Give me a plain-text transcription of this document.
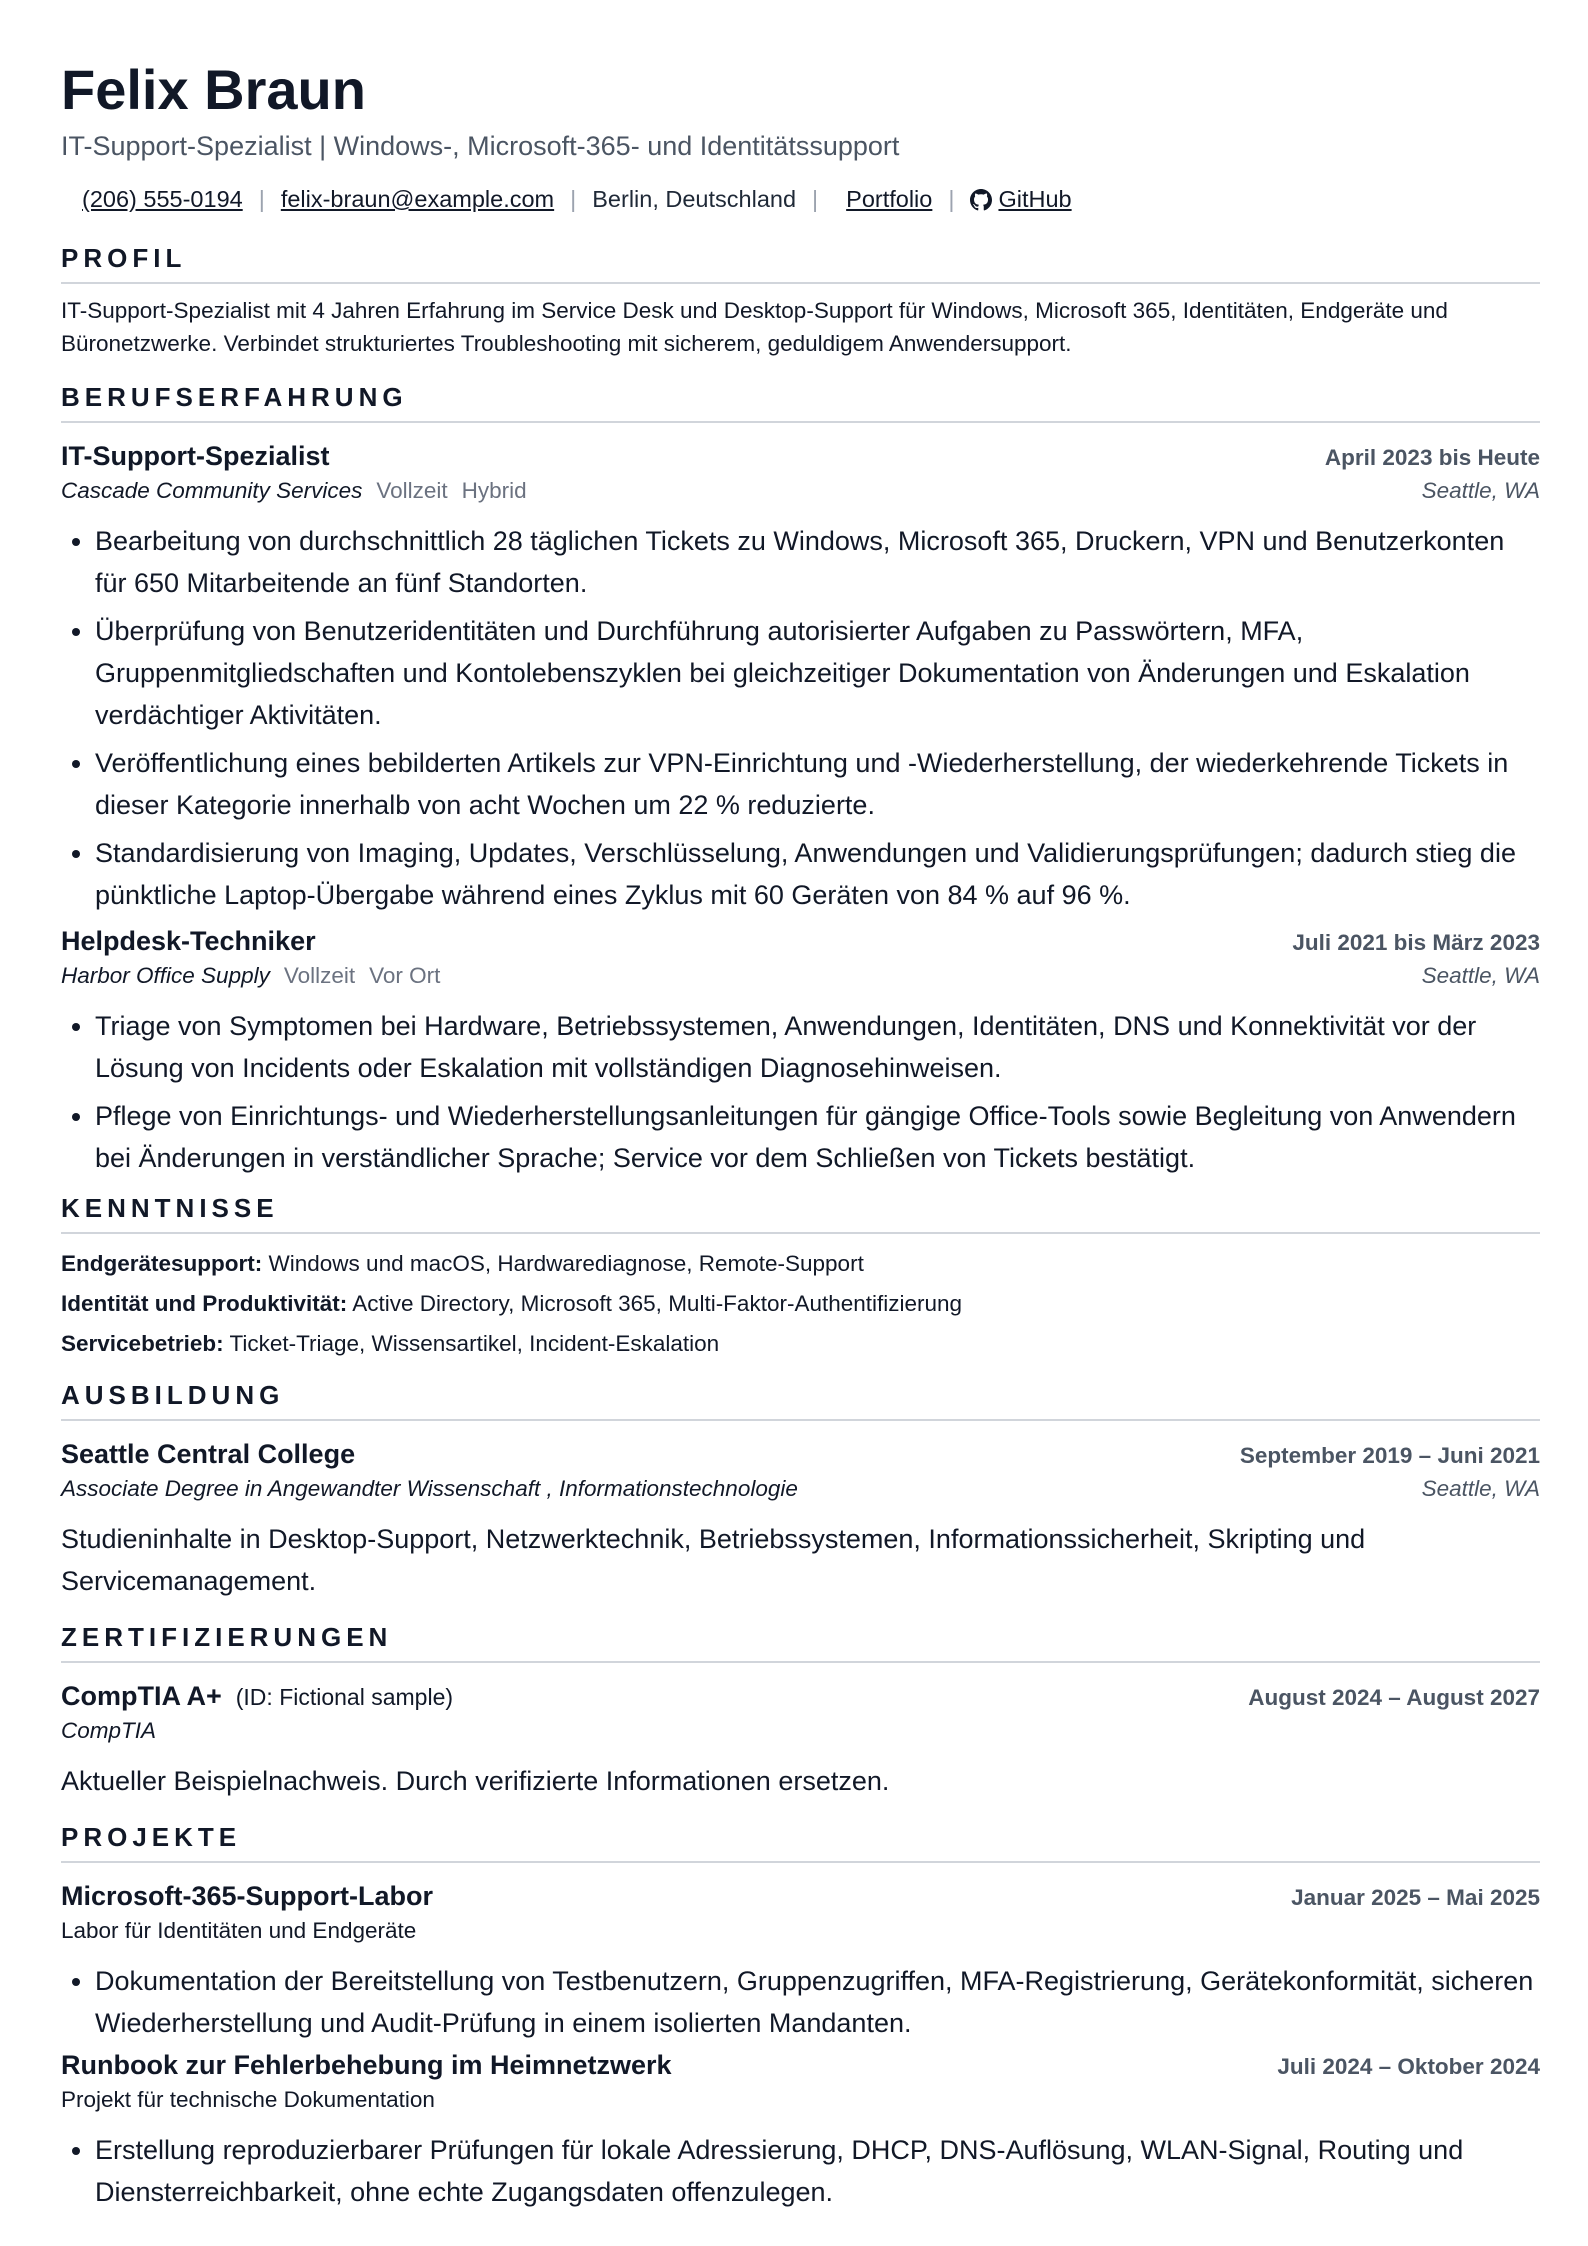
Felix Braun
IT-Support-Spezialist | Windows-, Microsoft-365- und Identitätssupport
(206) 555-0194 | felix-braun@example.com | Berlin, Deutschland | Portfolio | GitHub
PROFIL
IT-Support-Spezialist mit 4 Jahren Erfahrung im Service Desk und Desktop-Support für Windows, Microsoft 365, Identitäten, Endgeräte und Büronetzwerke. Verbindet strukturiertes Troubleshooting mit sicherem, geduldigem Anwendersupport.
BERUFSERFAHRUNG
IT-Support-Spezialist	April 2023 bis Heute
Cascade Community Services Vollzeit Hybrid	Seattle, WA
• Bearbeitung von durchschnittlich 28 täglichen Tickets zu Windows, Microsoft 365, Druckern, VPN und Benutzerkonten für 650 Mitarbeitende an fünf Standorten.
• Überprüfung von Benutzeridentitäten und Durchführung autorisierter Aufgaben zu Passwörtern, MFA, Gruppenmitgliedschaften und Kontolebenszyklen bei gleichzeitiger Dokumentation von Änderungen und Eskalation verdächtiger Aktivitäten.
• Veröffentlichung eines bebilderten Artikels zur VPN-Einrichtung und -Wiederherstellung, der wiederkehrende Tickets in dieser Kategorie innerhalb von acht Wochen um 22 % reduzierte.
• Standardisierung von Imaging, Updates, Verschlüsselung, Anwendungen und Validierungsprüfungen; dadurch stieg die pünktliche Laptop-Übergabe während eines Zyklus mit 60 Geräten von 84 % auf 96 %.
Helpdesk-Techniker	Juli 2021 bis März 2023
Harbor Office Supply Vollzeit Vor Ort	Seattle, WA
• Triage von Symptomen bei Hardware, Betriebssystemen, Anwendungen, Identitäten, DNS und Konnektivität vor der Lösung von Incidents oder Eskalation mit vollständigen Diagnosehinweisen.
• Pflege von Einrichtungs- und Wiederherstellungsanleitungen für gängige Office-Tools sowie Begleitung von Anwendern bei Änderungen in verständlicher Sprache; Service vor dem Schließen von Tickets bestätigt.
KENNTNISSE
Endgerätesupport: Windows und macOS, Hardwarediagnose, Remote-Support
Identität und Produktivität: Active Directory, Microsoft 365, Multi-Faktor-Authentifizierung
Servicebetrieb: Ticket-Triage, Wissensartikel, Incident-Eskalation
AUSBILDUNG
Seattle Central College	September 2019 – Juni 2021
Associate Degree in Angewandter Wissenschaft , Informationstechnologie	Seattle, WA
Studieninhalte in Desktop-Support, Netzwerktechnik, Betriebssystemen, Informationssicherheit, Skripting und Servicemanagement.
ZERTIFIZIERUNGEN
CompTIA A+ (ID: Fictional sample)	August 2024 – August 2027
CompTIA
Aktueller Beispielnachweis. Durch verifizierte Informationen ersetzen.
PROJEKTE
Microsoft-365-Support-Labor	Januar 2025 – Mai 2025
Labor für Identitäten und Endgeräte
• Dokumentation der Bereitstellung von Testbenutzern, Gruppenzugriffen, MFA-Registrierung, Gerätekonformität, sicheren Wiederherstellung und Audit-Prüfung in einem isolierten Mandanten.
Runbook zur Fehlerbehebung im Heimnetzwerk	Juli 2024 – Oktober 2024
Projekt für technische Dokumentation
• Erstellung reproduzierbarer Prüfungen für lokale Adressierung, DHCP, DNS-Auflösung, WLAN-Signal, Routing und Diensterreichbarkeit, ohne echte Zugangsdaten offenzulegen.
